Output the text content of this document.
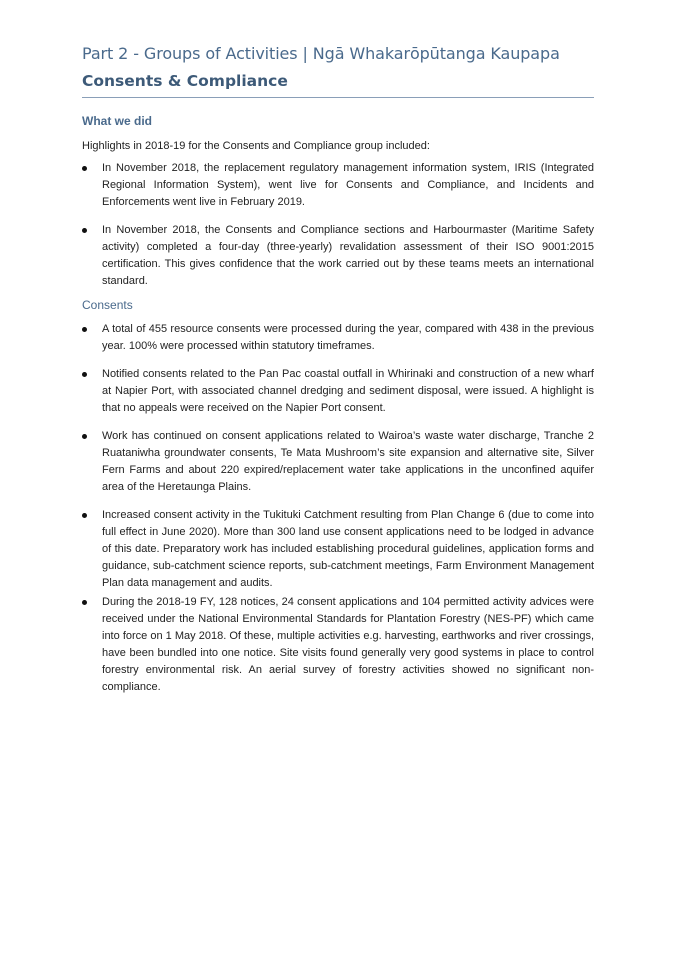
Part 2 - Groups of Activities | Ngā Whakarōpūtanga Kaupapa
Consents & Compliance
What we did
Highlights in 2018-19 for the Consents and Compliance group included:
In November 2018, the replacement regulatory management information system, IRIS (Integrated Regional Information System), went live for Consents and Compliance, and Incidents and Enforcements went live in February 2019.
In November 2018, the Consents and Compliance sections and Harbourmaster (Maritime Safety activity) completed a four-day (three-yearly) revalidation assessment of their ISO 9001:2015 certification. This gives confidence that the work carried out by these teams meets an international standard.
Consents
A total of 455 resource consents were processed during the year, compared with 438 in the previous year. 100% were processed within statutory timeframes.
Notified consents related to the Pan Pac coastal outfall in Whirinaki and construction of a new wharf at Napier Port, with associated channel dredging and sediment disposal, were issued. A highlight is that no appeals were received on the Napier Port consent.
Work has continued on consent applications related to Wairoa’s waste water discharge, Tranche 2 Ruataniwha groundwater consents, Te Mata Mushroom’s site expansion and alternative site, Silver Fern Farms and about 220 expired/replacement water take applications in the unconfined aquifer area of the Heretaunga Plains.
Increased consent activity in the Tukituki Catchment resulting from Plan Change 6 (due to come into full effect in June 2020). More than 300 land use consent applications need to be lodged in advance of this date. Preparatory work has included establishing procedural guidelines, application forms and guidance, sub-catchment science reports, sub-catchment meetings, Farm Environment Management Plan data management and audits.
During the 2018-19 FY, 128 notices, 24 consent applications and 104 permitted activity advices were received under the National Environmental Standards for Plantation Forestry (NES-PF) which came into force on 1 May 2018. Of these, multiple activities e.g. harvesting, earthworks and river crossings, have been bundled into one notice. Site visits found generally very good systems in place to control forestry environmental risk. An aerial survey of forestry activities showed no significant non-compliance.
